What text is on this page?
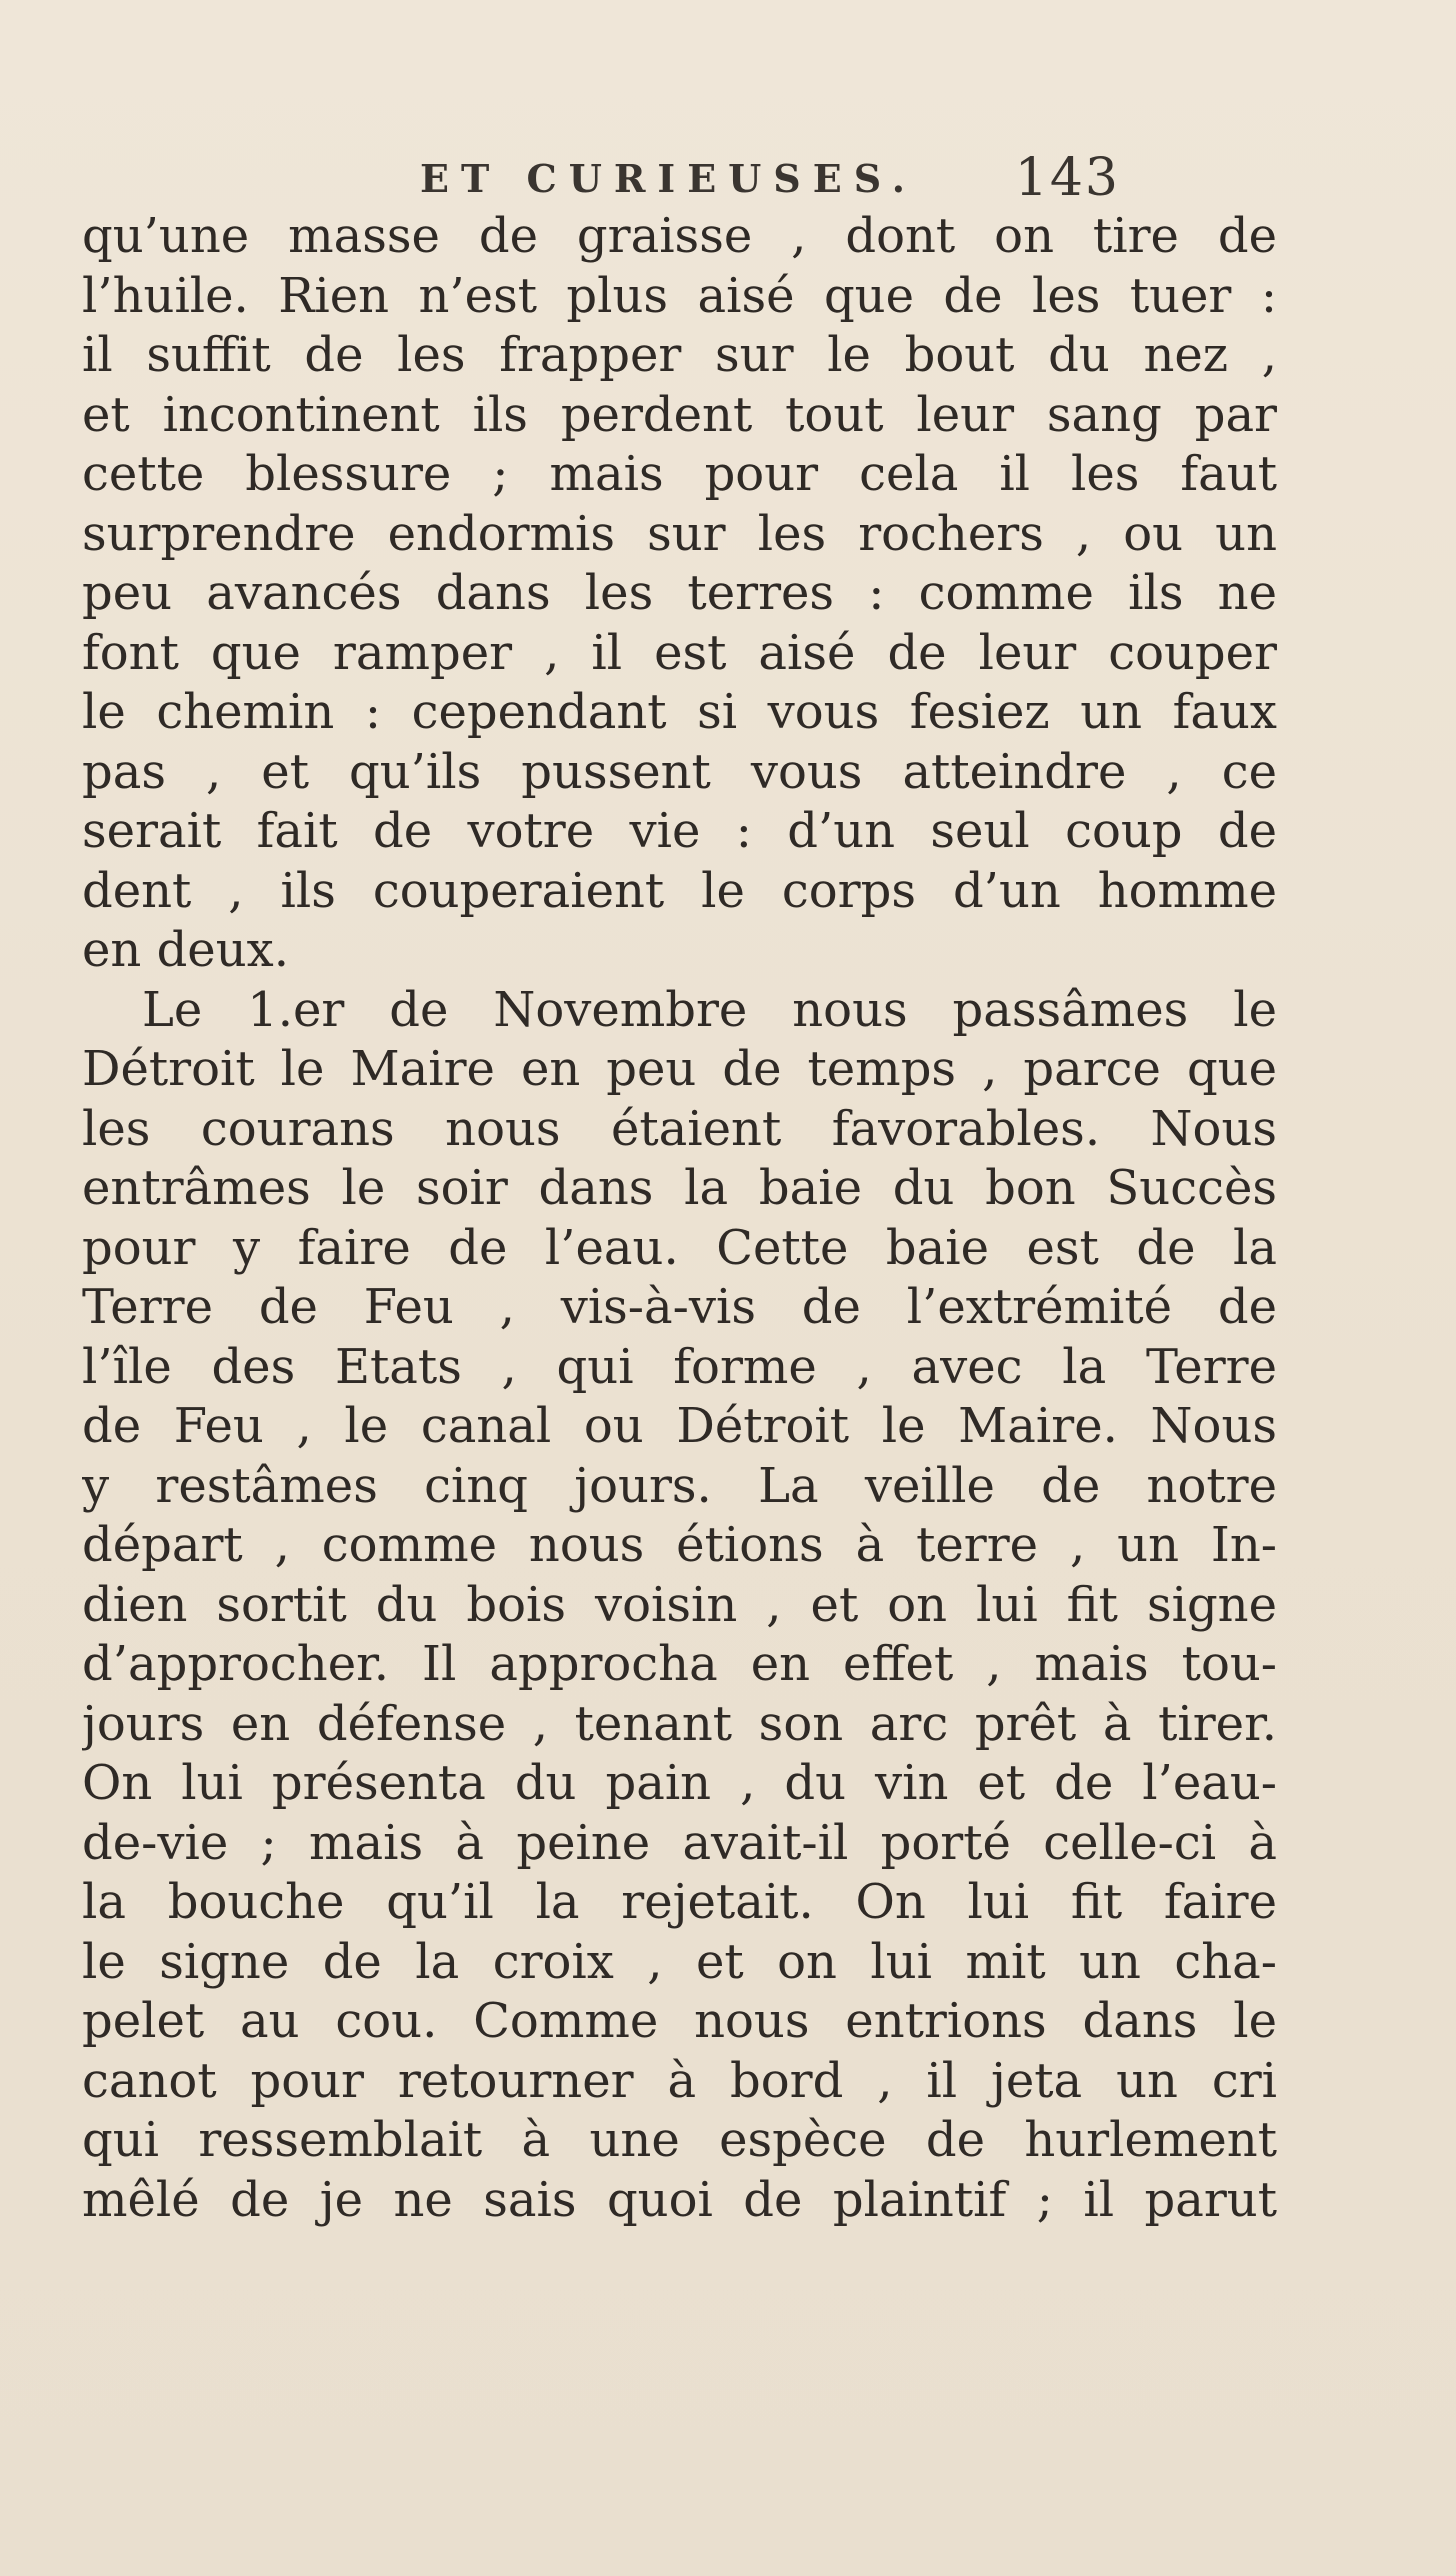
ET CURIEUSES. 143
qu’une masse de graisse , dont on tire de
l’huile. Rien n’est plus aisé que de les tuer :
il suffit de les frapper sur le bout du nez ,
et incontinent ils perdent tout leur sang par
cette blessure ; mais pour cela il les faut
surprendre endormis sur les rochers , ou un
peu avancés dans les terres : comme ils ne
font que ramper , il est aisé de leur couper
le chemin : cependant si vous fesiez un faux
pas , et qu’ils pussent vous atteindre , ce
serait fait de votre vie : d’un seul coup de
dent , ils couperaient le corps d’un homme
en deux.
Le 1.er de Novembre nous passâmes le
Détroit le Maire en peu de temps , parce que
les courans nous étaient favorables. Nous
entrâmes le soir dans la baie du bon Succès
pour y faire de l’eau. Cette baie est de la
Terre de Feu , vis-à-vis de l’extrémité de
l’île des Etats , qui forme , avec la Terre
de Feu , le canal ou Détroit le Maire. Nous
y restâmes cinq jours. La veille de notre
départ , comme nous étions à terre , un In-
dien sortit du bois voisin , et on lui fit signe
d’approcher. Il approcha en effet , mais tou-
jours en défense , tenant son arc prêt à tirer.
On lui présenta du pain , du vin et de l’eau-
de-vie ; mais à peine avait-il porté celle-ci à
la bouche qu’il la rejetait. On lui fit faire
le signe de la croix , et on lui mit un cha-
pelet au cou. Comme nous entrions dans le
canot pour retourner à bord , il jeta un cri
qui ressemblait à une espèce de hurlement
mêlé de je ne sais quoi de plaintif ; il parut
